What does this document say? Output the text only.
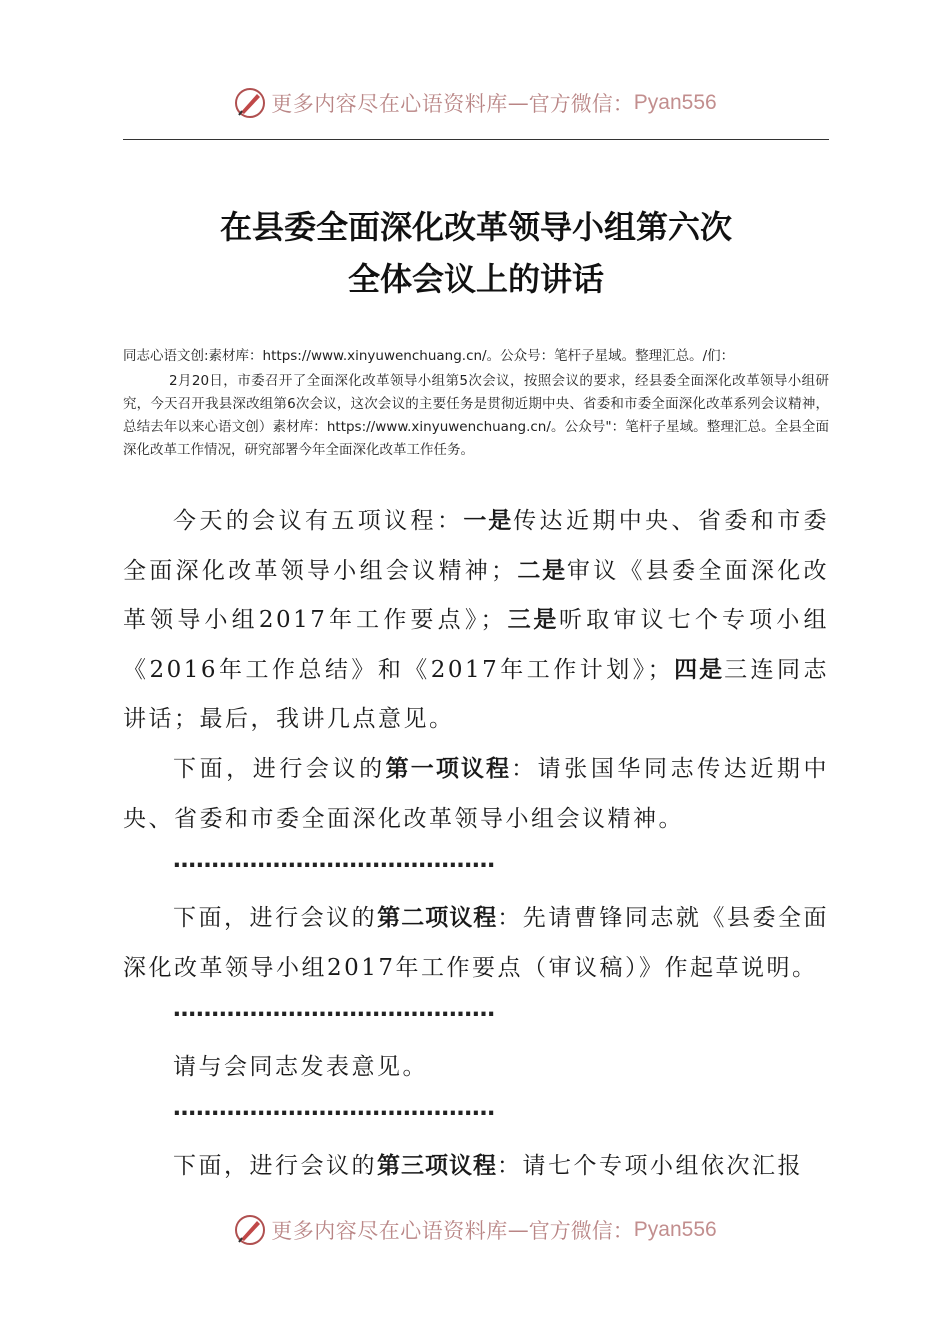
更多内容尽在心语资料库 — 官方微信： Pyan556
在县委全面深化改革领导小组第六次
全体会议上的讲话
同志心语文创:素材库：https://www.xinyuwenchuang.cn/。公众号：笔杆子星域。整理汇总。/们：
2月20日，市委召开了全面深化改革领导小组第5次会议，按照会议的要求，经县委全面深化改革领导小组研究，今天召开我县深改组第6次会议，这次会议的主要任务是贯彻近期中央、省委和市委全面深化改革系列会议精神，总结去年以来心语文创）素材库：https://www.xinyuwenchuang.cn/。公众号"：笔杆子星域。整理汇总。全县全面深化改革工作情况，研究部署今年全面深化改革工作任务。
今天的会议有五项议程：一是传达近期中央、省委和市委全面深化改革领导小组会议精神；二是审议《县委全面深化改革领导小组2017年工作要点》；三是听取审议七个专项小组《2016年工作总结》和《2017年工作计划》；四是三连同志讲话；最后，我讲几点意见。
下面，进行会议的第一项议程：请张国华同志传达近期中央、省委和市委全面深化改革领导小组会议精神。
……………………………………
下面，进行会议的第二项议程：先请曹锋同志就《县委全面深化改革领导小组2017年工作要点（审议稿）》作起草说明。
……………………………………
请与会同志发表意见。
……………………………………
下面，进行会议的第三项议程：请七个专项小组依次汇报
更多内容尽在心语资料库 — 官方微信： Pyan556
